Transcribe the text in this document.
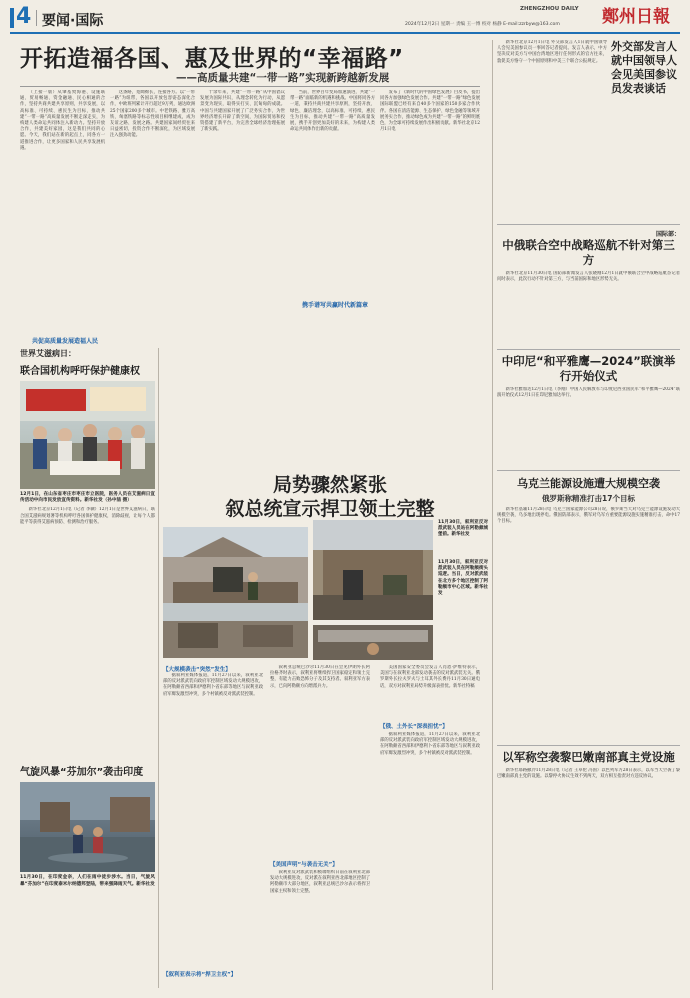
4 要闻·国际
ZHENGZHOU DAILY 鄭州日報
2024年12月2日 星期一 责编 王一博 校对 杨静 E-mail:zzrbyw@163.com
开拓造福各国、惠及世界的“幸福路”
——高质量共建“一带一路”实现新跨越新发展

（上接一版）从肇基致海港、设施联通、贸易畅通、资金融通、民心相通的合作，坚持共商共建共享原则，共享发展，以高标准、可持续、惠民生为目标，推动共建“一带一路”高质量发展不断走深走实，为构建人类命运共同体注入新动力。坚持开放合作，共建美好家园，这是我们共同的心愿。今天，我们站在新的起点上，同各方一道推进合作，让更多国家和人民共享发展机遇。

共促高质量发展造福人民

这条路，宽阔绵长，连接各方。以“一带一路”为纽带，各国以开放包容姿态深化合作，中欧班列累计开行超过9万列，通达欧洲25个国家200多个城市。中老铁路、雅万高铁、匈塞铁路等标志性项目相继建成，成为友谊之路、发展之路。共建国家间经贸往来日益密切，投资合作不断深化，为区域发展注入强劲动能。

十余年来，共建“一带一路”从中国倡议发展为国际共识，从理念转化为行动，从愿景变为现实，取得实打实、沉甸甸的成就。中国与共建国家开展了广泛务实合作，为世界经济增长开辟了新空间，为国际贸易和投资搭建了新平台，为完善全球经济治理拓展了新实践。

当前，世界百年变局加速演进，共建“一带一路”面临新的机遇和挑战。中国将同各方一道，秉持共商共建共享原则，坚持开放、绿色、廉洁理念，以高标准、可持续、惠民生为目标，推动共建“一带一路”高质量发展，携手开创更加美好的未来，为构建人类命运共同体作出新的贡献。

携手谱写共赢时代新篇章

发布了《新时代的中国绿色发展》白皮书，提出同各方加强绿色发展合作。共建“一带一路”绿色发展国际联盟已经有来自40多个国家的150多家合作伙伴。各国在清洁能源、生态保护、绿色金融等领域开展务实合作，推动绿色成为共建“一带一路”的鲜明底色，为全球可持续发展作出积极贡献。新华社北京12月1日电

世界艾滋病日：
联合国机构呼吁保护健康权
12月1日，在山东省枣庄市枣庄市立医院，医务人员在艾滋病日宣传活动中向市民发放宣传资料。新华社发（孙中喆 摄）

新华社北京12月1日电（记者 李骥）12月1日是世界艾滋病日，联合国艾滋病规划署等机构呼吁各国保护健康权，消除歧视，让每个人都能平等获得艾滋病预防、检测和治疗服务。

气旋风暴“芬加尔”袭击印度
11月30日，在印度金奈，人们在雨中徒步涉水。当日，气旋风暴“芬加尔”在印度泰米尔纳德邦登陆，带来强降雨天气。新华社发
局势骤然紧张
叙总统宣示捍卫领土完整
11月30日，叙利亚反对派武装人员站在阿勒颇城堡前。新华社发
11月30日，叙利亚反对派武装人员在阿勒颇街头巡逻。当日，反对派武装在北方多个地区控制了阿勒颇市中心区域。新华社发
【大规模袭击“突然”发生】

据叙利亚媒体报道，11月27日以来，叙利亚北部的反对派武装向政府军控制区域发动大规模进攻，在阿勒颇省西部和伊德利卜省东部等地区与叙利亚政府军爆发激烈冲突，多个村镇被反对派武装控制。

【叙利亚表示将“捍卫主权”】

叙利亚总统巴沙尔11月30日在会见伊朗外长阿拉格齐时表示，叙利亚将继续捍卫国家稳定和领土完整，有能力击败恐怖分子及其支持者。叙利亚军方表示，已向阿勒颇方向增派兵力。

【美国声明“与袭击无关”】
【俄、土外长“深表担忧”】

美国国家安全委员会发言人肖恩·萨维特表示，美国与在叙利亚北部发动袭击的反对派武装无关。俄罗斯外长拉夫罗夫与土耳其外长费丹11月30日通电话，双方对叙利亚局势升级深表担忧。新华社特稿

叙利亚反对派武装和极端组织日前在叙利亚北部发动大规模进攻，反对派在叙利亚西北部地区控制了阿勒颇市大部分地区，叙利亚总统巴沙尔表示将捍卫国家主权和领土完整。

据叙利亚媒体报道，11月27日以来，叙利亚北部的反对派武装向政府军控制区域发动大规模进攻，在阿勒颇省西部和伊德利卜省东部等地区与叙利亚政府军爆发激烈冲突，多个村镇被反对派武装控制。

新华社北京12月1日电 外交部发言人1日就中国领导人会见美国参议员一事回答记者提问。发言人表示，中方坚决反对美方与中国台湾地区进行任何形式的官方往来，敦促美方恪守一个中国原则和中美三个联合公报规定。

外交部发言人就中国领导人会见美国参议员发表谈话
国际部：
中俄联合空中战略巡航不针对第三方

新华社北京11月30日电 国防部新闻发言人张晓刚12月1日就中俄联合空中战略巡航答记者问时表示，此次行动不针对第三方，与当前国际和地区形势无关。

中印尼“和平雅鹰—2024”联演举行开始仪式

新华社雅加达12月1日电（李刚）中国人民解放军与印度尼西亚国民军“和平雅鹰—2024”联演开始仪式12月1日在印尼雅加达举行。

乌克兰能源设施遭大规模空袭
俄罗斯称精准打击17个目标

新华社基辅11月28日电 乌克兰国家能源公司28日说，俄罗斯当天对乌克兰能源设施发动大规模空袭，乌多地出现停电。俄国防部表示，俄军对乌军方重要能源设施实施精准打击，命中17个目标。

以军称空袭黎巴嫩南部真主党设施

新华社耶路撒冷11月28日电（记者 王卓伦 冯国）以色列军方28日表示，以军当天空袭了黎巴嫩南部真主党的设施。以黎停火协议生效不到两天，双方相互指责对方违反协议。
